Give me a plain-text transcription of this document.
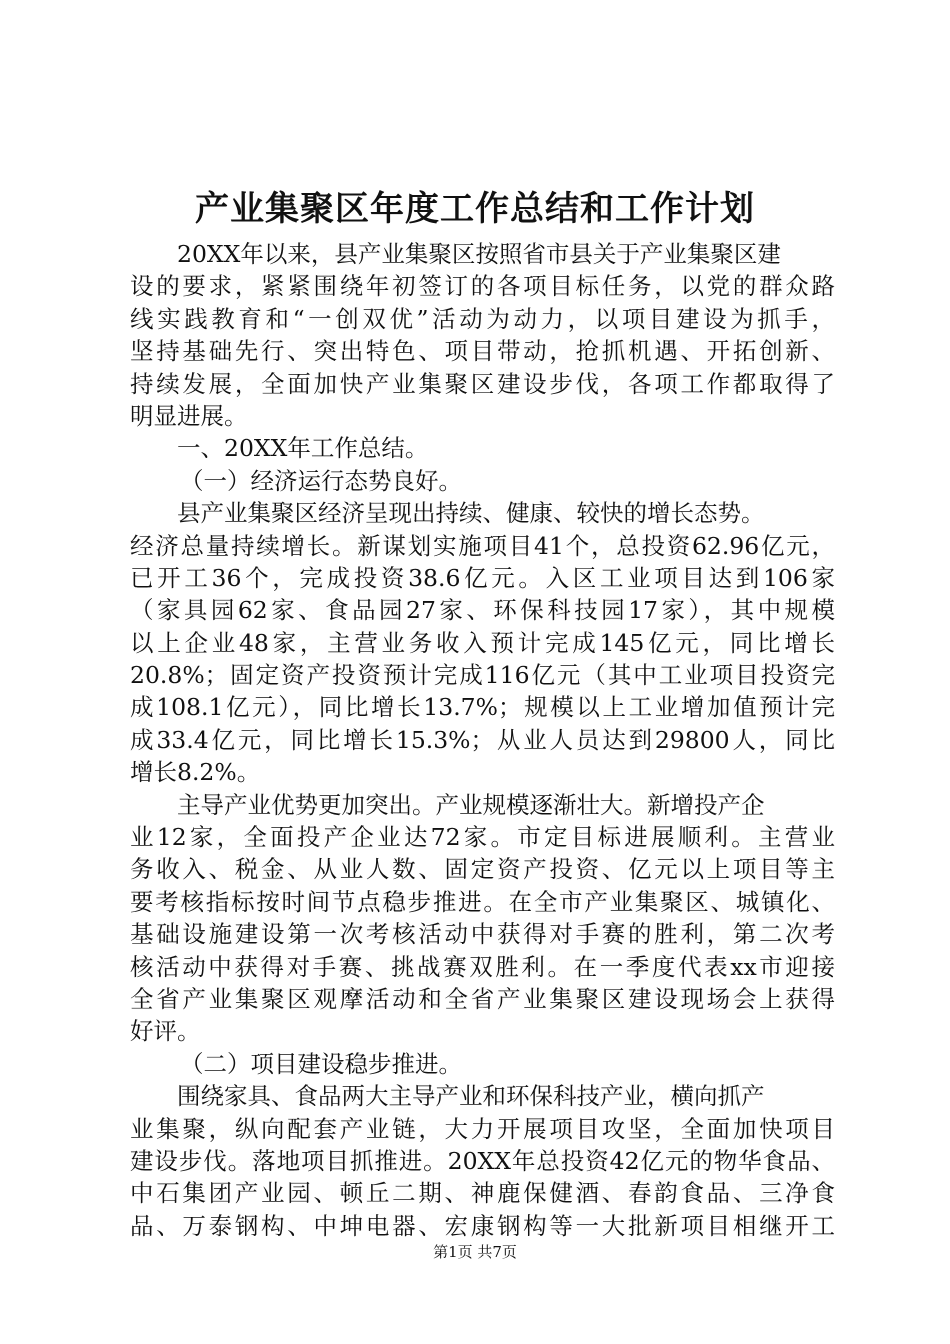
产业集聚区年度工作总结和工作计划
20XX年以来，县产业集聚区按照省市县关于产业集聚区建
设的要求，紧紧围绕年初签订的各项目标任务，以党的群众路
线实践教育和“一创双优”活动为动力，以项目建设为抓手，
坚持基础先行、突出特色、项目带动，抢抓机遇、开拓创新、
持续发展，全面加快产业集聚区建设步伐，各项工作都取得了
明显进展。
一、20XX年工作总结。
（一）经济运行态势良好。
县产业集聚区经济呈现出持续、健康、较快的增长态势。
经济总量持续增长。新谋划实施项目41个，总投资62.96亿元，
已开工36个，完成投资38.6亿元。入区工业项目达到106家
（家具园62家、食品园27家、环保科技园17家），其中规模
以上企业48家，主营业务收入预计完成145亿元，同比增长
20.8%；固定资产投资预计完成116亿元（其中工业项目投资完
成108.1亿元），同比增长13.7%；规模以上工业增加值预计完
成33.4亿元，同比增长15.3%；从业人员达到29800人，同比
增长8.2%。
主导产业优势更加突出。产业规模逐渐壮大。新增投产企
业12家，全面投产企业达72家。市定目标进展顺利。主营业
务收入、税金、从业人数、固定资产投资、亿元以上项目等主
要考核指标按时间节点稳步推进。在全市产业集聚区、城镇化、
基础设施建设第一次考核活动中获得对手赛的胜利，第二次考
核活动中获得对手赛、挑战赛双胜利。在一季度代表xx市迎接
全省产业集聚区观摩活动和全省产业集聚区建设现场会上获得
好评。
（二）项目建设稳步推进。
围绕家具、食品两大主导产业和环保科技产业，横向抓产
业集聚，纵向配套产业链，大力开展项目攻坚，全面加快项目
建设步伐。落地项目抓推进。20XX年总投资42亿元的物华食品、
中石集团产业园、顿丘二期、神鹿保健酒、春韵食品、三净食
品、万泰钢构、中坤电器、宏康钢构等一大批新项目相继开工
第1页 共7页
